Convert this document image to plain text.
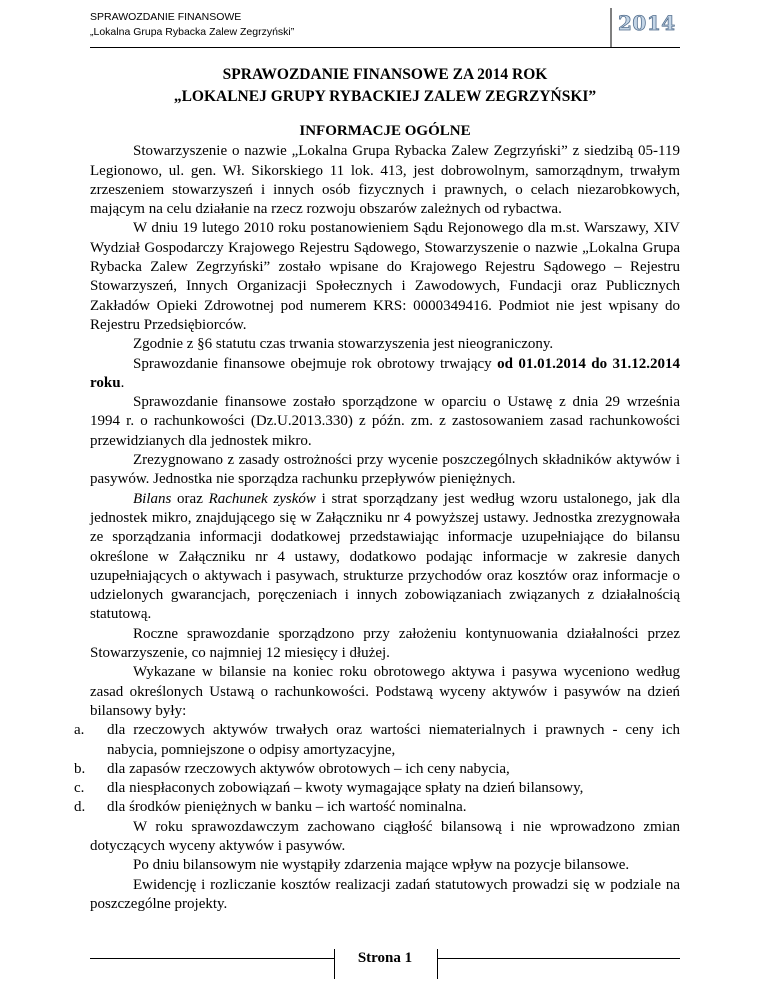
SPRAWOZDANIE FINANSOWE
„Lokalna Grupa Rybacka Zalew Zegrzyński”	2014
SPRAWOZDANIE FINANSOWE ZA 2014 ROK
„LOKALNEJ GRUPY RYBACKIEJ ZALEW ZEGRZYŃSKI”
INFORMACJE OGÓLNE

Stowarzyszenie o nazwie „Lokalna Grupa Rybacka Zalew Zegrzyński” z siedzibą 05-119 Legionowo, ul. gen. Wł. Sikorskiego 11 lok. 413, jest dobrowolnym, samorządnym, trwałym zrzeszeniem stowarzyszeń i innych osób fizycznych i prawnych, o celach niezarobkowych, mającym na celu działanie na rzecz rozwoju obszarów zależnych od rybactwa.

W dniu 19 lutego 2010 roku postanowieniem Sądu Rejonowego dla m.st. Warszawy, XIV Wydział Gospodarczy Krajowego Rejestru Sądowego, Stowarzyszenie o nazwie „Lokalna Grupa Rybacka Zalew Zegrzyński” zostało wpisane do Krajowego Rejestru Sądowego – Rejestru Stowarzyszeń, Innych Organizacji Społecznych i Zawodowych, Fundacji oraz Publicznych Zakładów Opieki Zdrowotnej pod numerem KRS: 0000349416. Podmiot nie jest wpisany do Rejestru Przedsiębiorców.

Zgodnie z §6 statutu czas trwania stowarzyszenia jest nieograniczony.

Sprawozdanie finansowe obejmuje rok obrotowy trwający od 01.01.2014 do 31.12.2014 roku.

Sprawozdanie finansowe zostało sporządzone w oparciu o Ustawę z dnia 29 września 1994 r. o rachunkowości (Dz.U.2013.330) z późn. zm. z zastosowaniem zasad rachunkowości przewidzianych dla jednostek mikro.

Zrezygnowano z zasady ostrożności przy wycenie poszczególnych składników aktywów i pasywów. Jednostka nie sporządza rachunku przepływów pieniężnych.

Bilans oraz Rachunek zysków i strat sporządzany jest według wzoru ustalonego, jak dla jednostek mikro, znajdującego się w Załączniku nr 4 powyższej ustawy. Jednostka zrezygnowała ze sporządzania informacji dodatkowej przedstawiając informacje uzupełniające do bilansu określone w Załączniku nr 4 ustawy, dodatkowo podając informacje w zakresie danych uzupełniających o aktywach i pasywach, strukturze przychodów oraz kosztów oraz informacje o udzielonych gwarancjach, poręczeniach i innych zobowiązaniach związanych z działalnością statutową.

Roczne sprawozdanie sporządzono przy założeniu kontynuowania działalności przez Stowarzyszenie, co najmniej 12 miesięcy i dłużej.

Wykazane w bilansie na koniec roku obrotowego aktywa i pasywa wyceniono według zasad określonych Ustawą o rachunkowości. Podstawą wyceny aktywów i pasywów na dzień bilansowy były:

a.	dla rzeczowych aktywów trwałych oraz wartości niematerialnych i prawnych - ceny ich nabycia, pomniejszone o odpisy amortyzacyjne,
b.	dla zapasów rzeczowych aktywów obrotowych – ich ceny nabycia,
c.	dla niespłaconych zobowiązań – kwoty wymagające spłaty na dzień bilansowy,
d.	dla środków pieniężnych w banku – ich wartość nominalna.

W roku sprawozdawczym zachowano ciągłość bilansową i nie wprowadzono zmian dotyczących wyceny aktywów i pasywów.

Po dniu bilansowym nie wystąpiły zdarzenia mające wpływ na pozycje bilansowe.

Ewidencję i rozliczanie kosztów realizacji zadań statutowych prowadzi się w podziale na poszczególne projekty.

Strona 1
